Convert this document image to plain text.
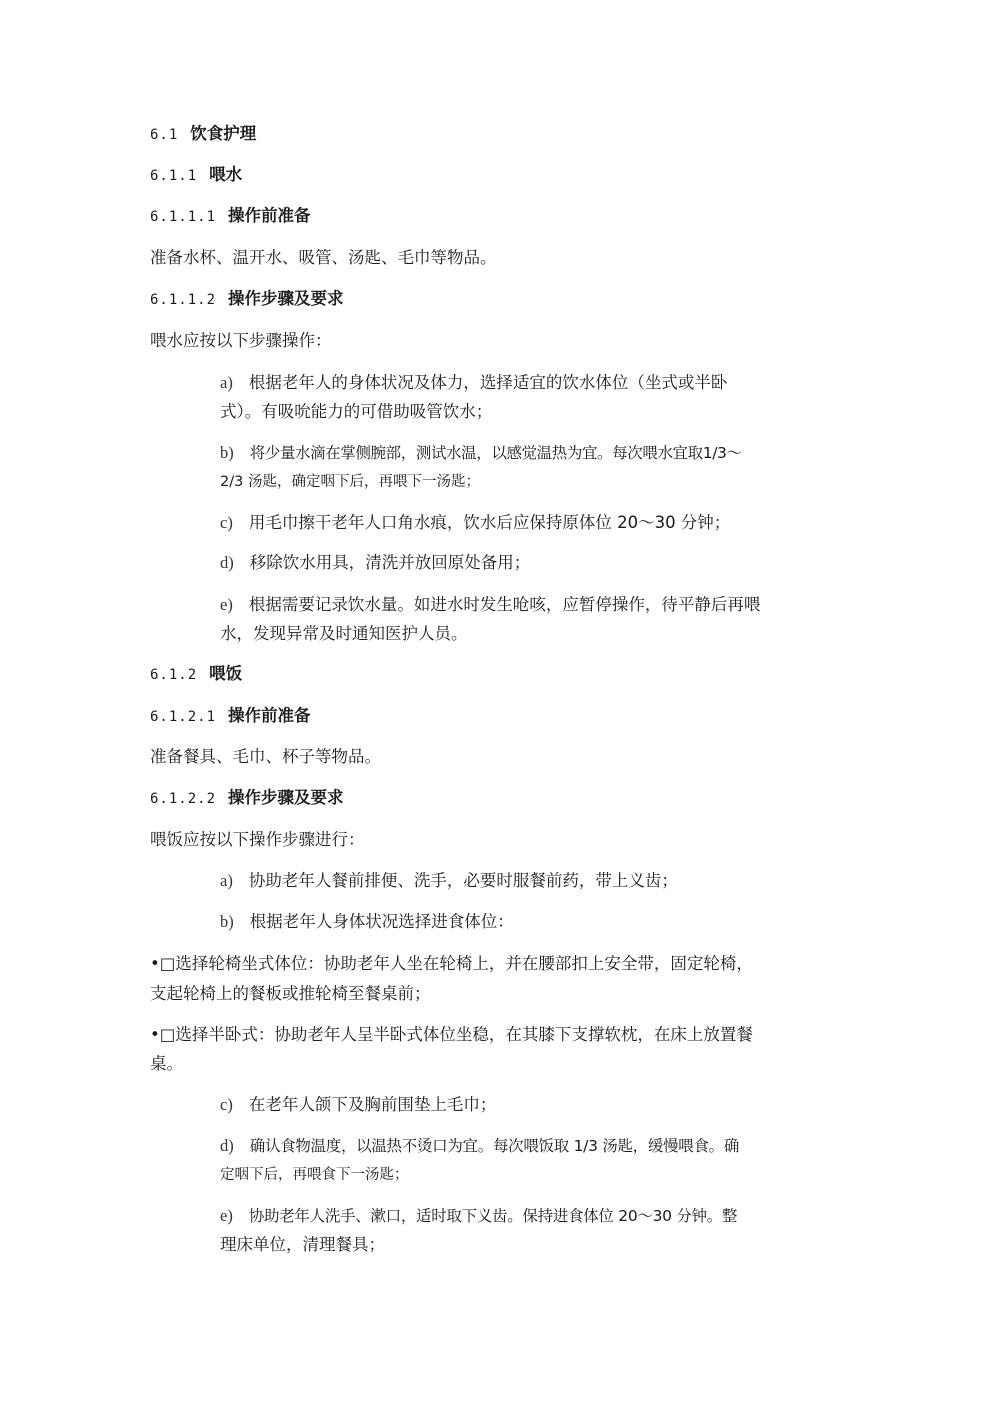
6.1 饮食护理
6.1.1 喂水
6.1.1.1 操作前准备
准备水杯、温开水、吸管、汤匙、毛巾等物品。
6.1.1.2 操作步骤及要求
喂水应按以下步骤操作：
a) 根据老年人的身体状况及体力，选择适宜的饮水体位（坐式或半卧
式）。有吸吮能力的可借助吸管饮水；
b) 将少量水滴在掌侧腕部，测试水温，以感觉温热为宜。每次喂水宜取1/3～
2/3 汤匙，确定咽下后，再喂下一汤匙；
c) 用毛巾擦干老年人口角水痕，饮水后应保持原体位 20～30 分钟；
d) 移除饮水用具，清洗并放回原处备用；
e) 根据需要记录饮水量。如进水时发生呛咳，应暂停操作，待平静后再喂
水，发现异常及时通知医护人员。
6.1.2 喂饭
6.1.2.1 操作前准备
准备餐具、毛巾、杯子等物品。
6.1.2.2 操作步骤及要求
喂饭应按以下操作步骤进行：
a) 协助老年人餐前排便、洗手，必要时服餐前药，带上义齿；
b) 根据老年人身体状况选择进食体位：
•□选择轮椅坐式体位：协助老年人坐在轮椅上，并在腰部扣上安全带，固定轮椅，
支起轮椅上的餐板或推轮椅至餐桌前；
•□选择半卧式：协助老年人呈半卧式体位坐稳，在其膝下支撑软枕，在床上放置餐
桌。
c) 在老年人颌下及胸前围垫上毛巾；
d) 确认食物温度，以温热不烫口为宜。每次喂饭取 1/3 汤匙，缓慢喂食。确
定咽下后，再喂食下一汤匙；
e) 协助老年人洗手、漱口，适时取下义齿。保持进食体位 20～30 分钟。整
理床单位，清理餐具；
